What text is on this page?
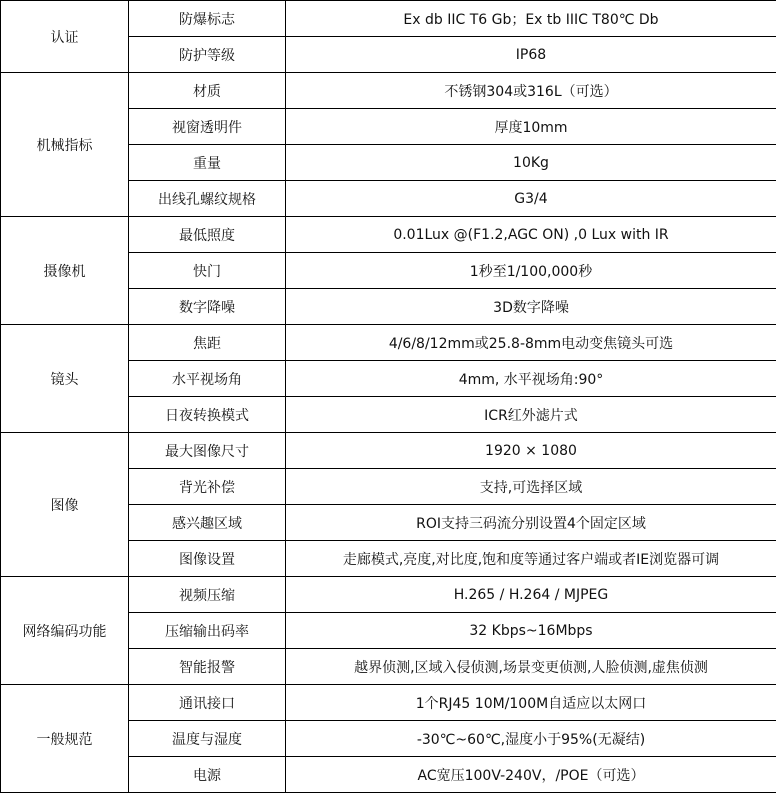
认证	防爆标志	Ex db IIC T6 Gb；Ex tb IIIC T80℃ Db
	防护等级	IP68
机械指标	材质	不锈钢304或316L（可选）
	视窗透明件	厚度10mm
	重量	10Kg
	出线孔螺纹规格	G3/4
摄像机	最低照度	0.01Lux @(F1.2,AGC ON) ,0 Lux with IR
	快门	1秒至1/100,000秒
	数字降噪	3D数字降噪
镜头	焦距	4/6/8/12mm或25.8-8mm电动变焦镜头可选
	水平视场角	4mm, 水平视场角:90°
	日夜转换模式	ICR红外滤片式
图像	最大图像尺寸	1920 × 1080
	背光补偿	支持,可选择区域
	感兴趣区域	ROI支持三码流分别设置4个固定区域
	图像设置	走廊模式,亮度,对比度,饱和度等通过客户端或者IE浏览器可调
网络编码功能	视频压缩	H.265 / H.264 / MJPEG
	压缩输出码率	32 Kbps~16Mbps
	智能报警	越界侦测,区域入侵侦测,场景变更侦测,人脸侦测,虚焦侦测
一般规范	通讯接口	1个RJ45 10M/100M自适应以太网口
	温度与湿度	-30℃~60℃,湿度小于95%(无凝结)
	电源	AC宽压100V-240V，/POE（可选）
